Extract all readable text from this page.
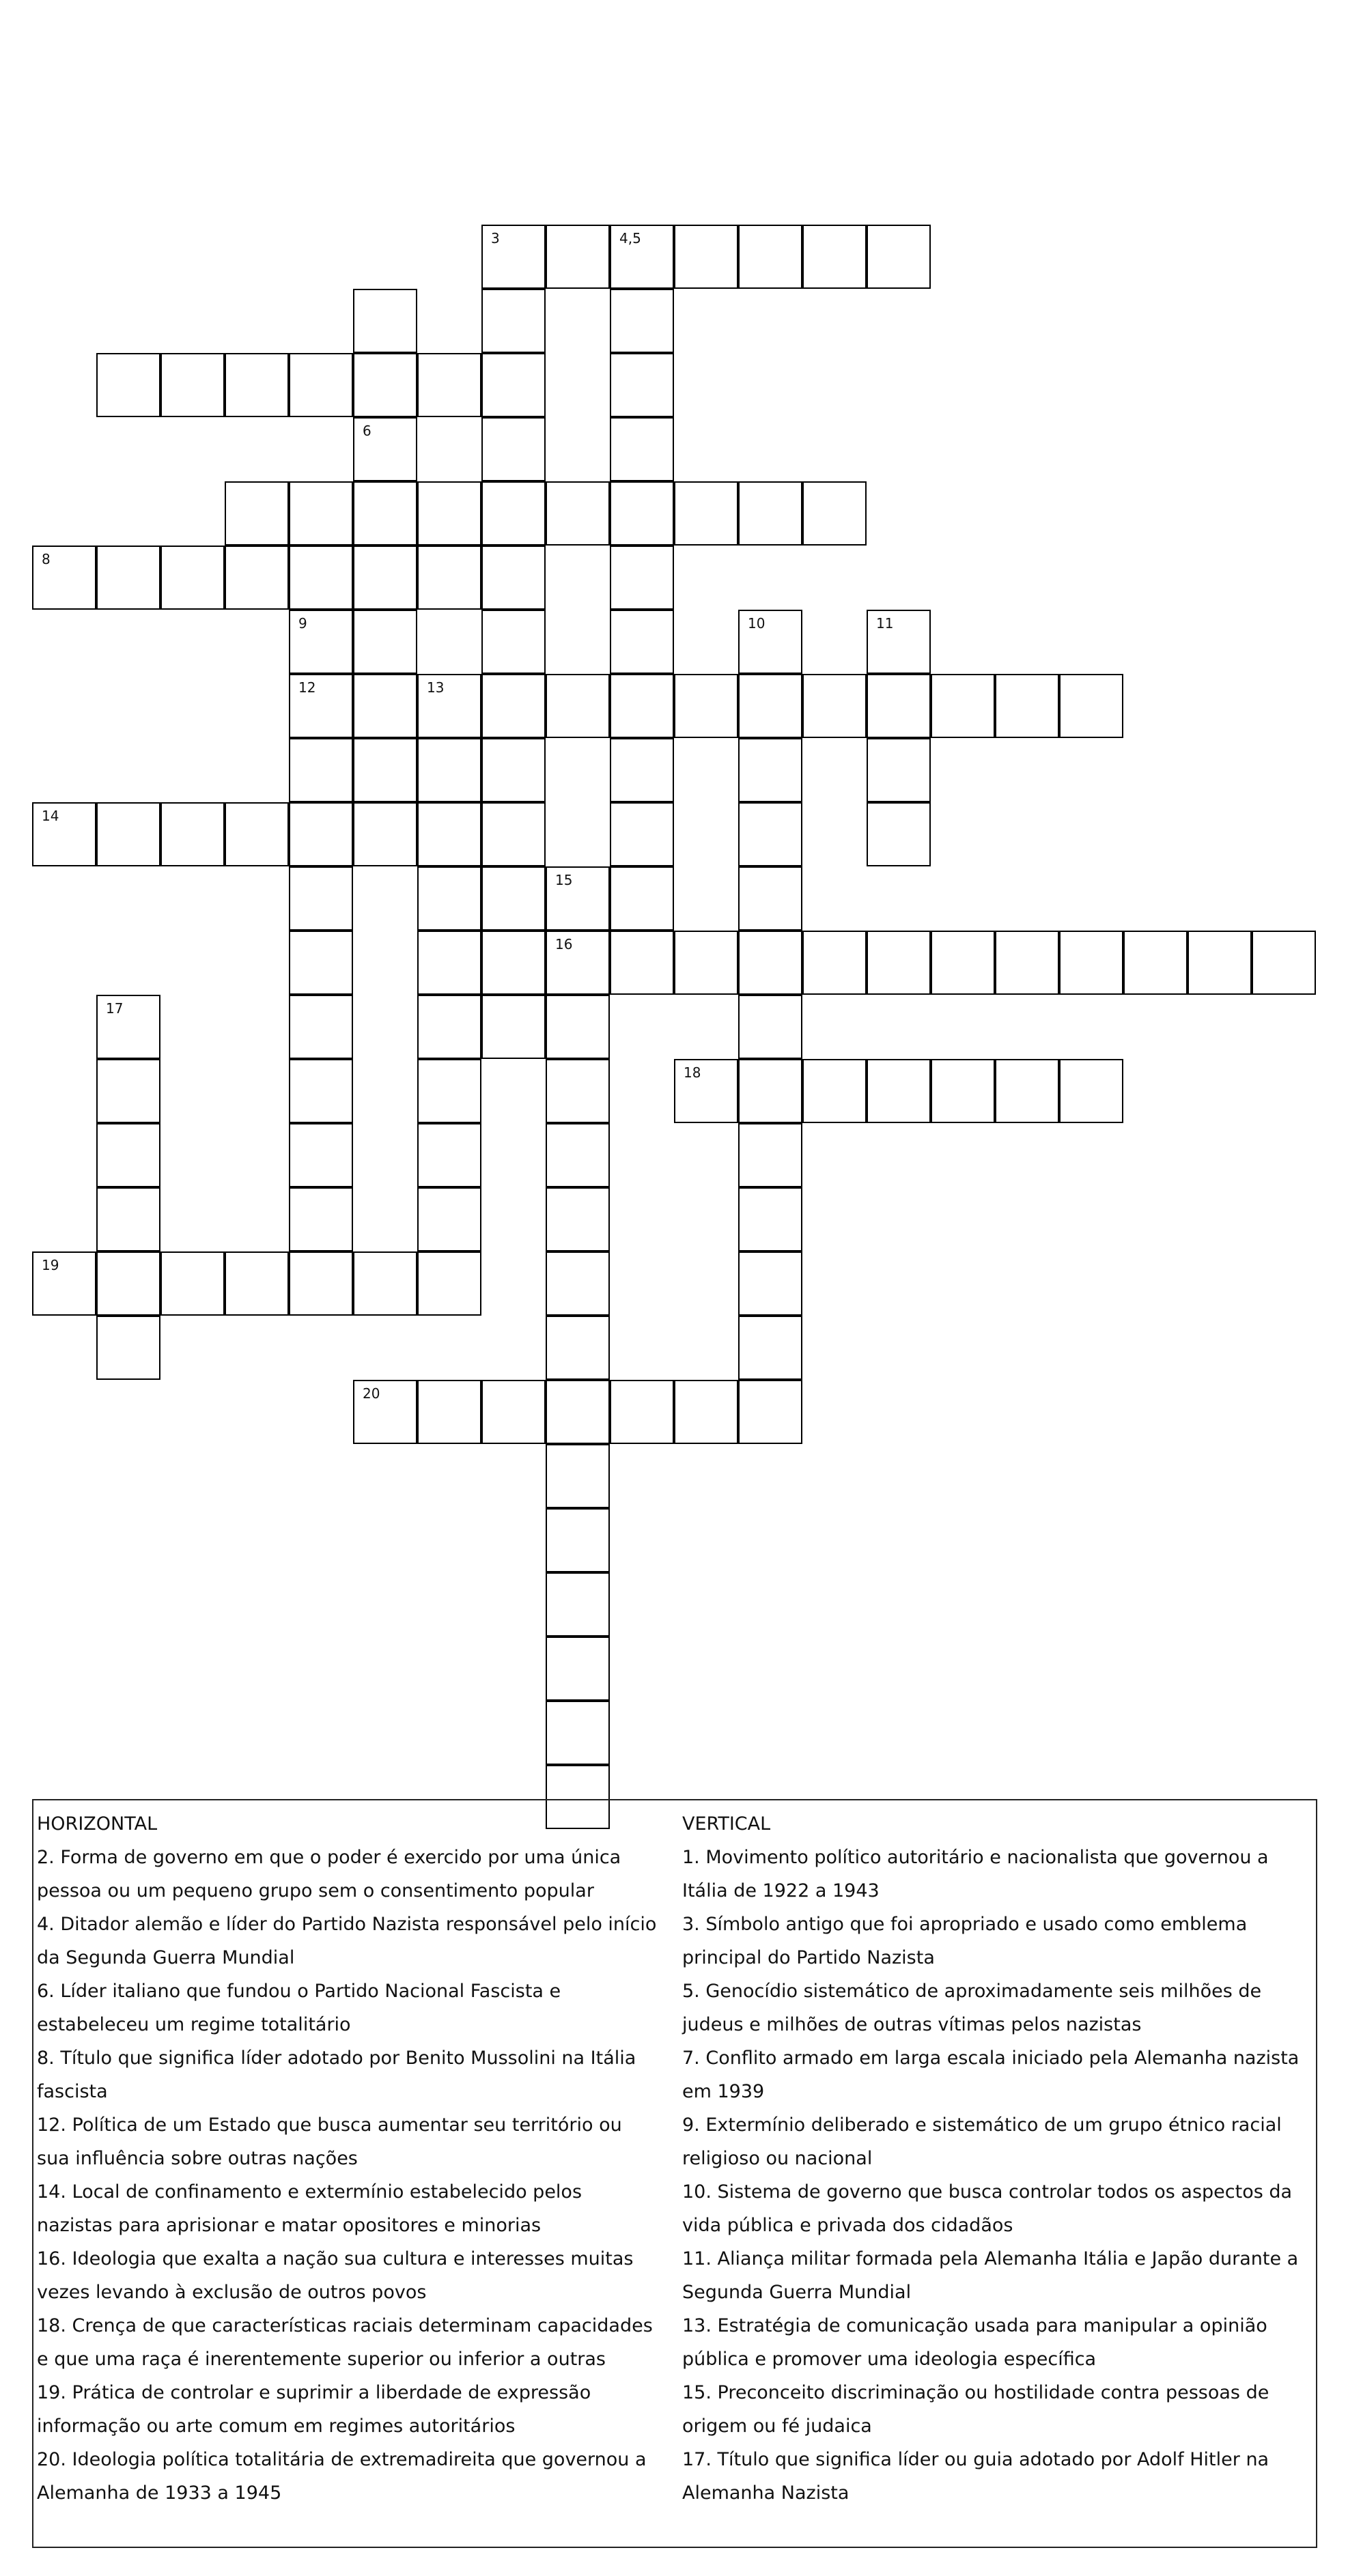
6
3	4,5
8
9
12
10	11
13
14
15
16
17
18
19
20

HORIZONTAL

2. Forma de governo em que o poder é exercido por uma única pessoa ou um pequeno grupo sem o consentimento popular

4. Ditador alemão e líder do Partido Nazista responsável pelo início da Segunda Guerra Mundial

6. Líder italiano que fundou o Partido Nacional Fascista e estabeleceu um regime totalitário

8. Título que significa líder adotado por Benito Mussolini na Itália fascista

12. Política de um Estado que busca aumentar seu território ou sua influência sobre outras nações

14. Local de confinamento e extermínio estabelecido pelos nazistas para aprisionar e matar opositores e minorias

16. Ideologia que exalta a nação sua cultura e interesses muitas vezes levando à exclusão de outros povos

18. Crença de que características raciais determinam capacidades e que uma raça é inerentemente superior ou inferior a outras

19. Prática de controlar e suprimir a liberdade de expressão informação ou arte comum em regimes autoritários

20. Ideologia política totalitária de extremadireita que governou a Alemanha de 1933 a 1945

VERTICAL

1. Movimento político autoritário e nacionalista que governou a Itália de 1922 a 1943

3. Símbolo antigo que foi apropriado e usado como emblema principal do Partido Nazista

5. Genocídio sistemático de aproximadamente seis milhões de judeus e milhões de outras vítimas pelos nazistas

7. Conflito armado em larga escala iniciado pela Alemanha nazista em 1939

9. Extermínio deliberado e sistemático de um grupo étnico racial religioso ou nacional

10. Sistema de governo que busca controlar todos os aspectos da vida pública e privada dos cidadãos

11. Aliança militar formada pela Alemanha Itália e Japão durante a Segunda Guerra Mundial

13. Estratégia de comunicação usada para manipular a opinião pública e promover uma ideologia específica

15. Preconceito discriminação ou hostilidade contra pessoas de origem ou fé judaica

17. Título que significa líder ou guia adotado por Adolf Hitler na Alemanha Nazista
